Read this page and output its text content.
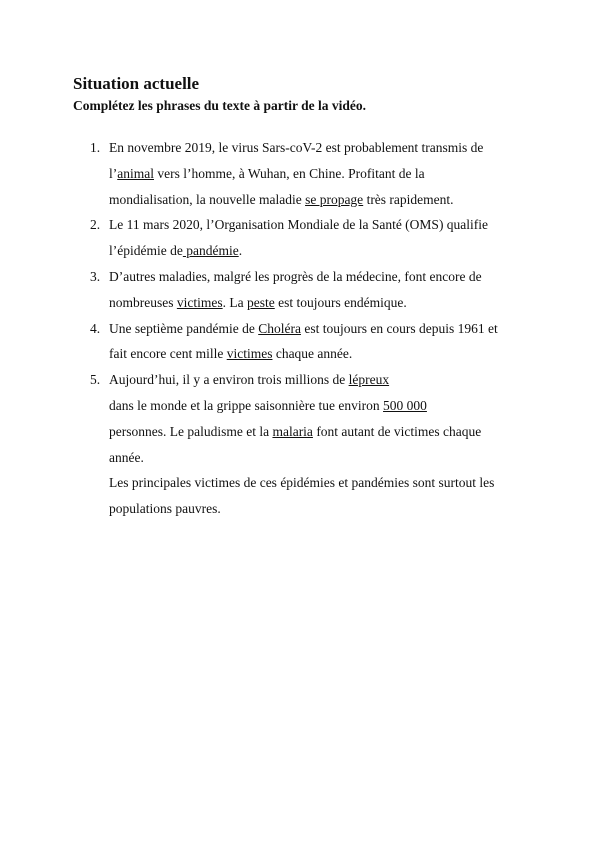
Situation actuelle
Complétez les phrases du texte à partir de la vidéo.
1. En novembre 2019, le virus Sars-coV-2 est probablement transmis de
l’animal vers l’homme, à Wuhan, en Chine. Profitant de la
mondialisation, la nouvelle maladie se propage très rapidement.
2. Le 11 mars 2020, l’Organisation Mondiale de la Santé (OMS) qualifie
l’épidémie de pandémie.
3. D’autres maladies, malgré les progrès de la médecine, font encore de
nombreuses victimes. La peste est toujours endémique.
4. Une septième pandémie de Choléra est toujours en cours depuis 1961 et
fait encore cent mille victimes chaque année.
5. Aujourd’hui, il y a environ trois millions de lépreux
dans le monde et la grippe saisonnière tue environ 500 000
personnes. Le paludisme et la malaria font autant de victimes chaque
année.
Les principales victimes de ces épidémies et pandémies sont surtout les
populations pauvres.
